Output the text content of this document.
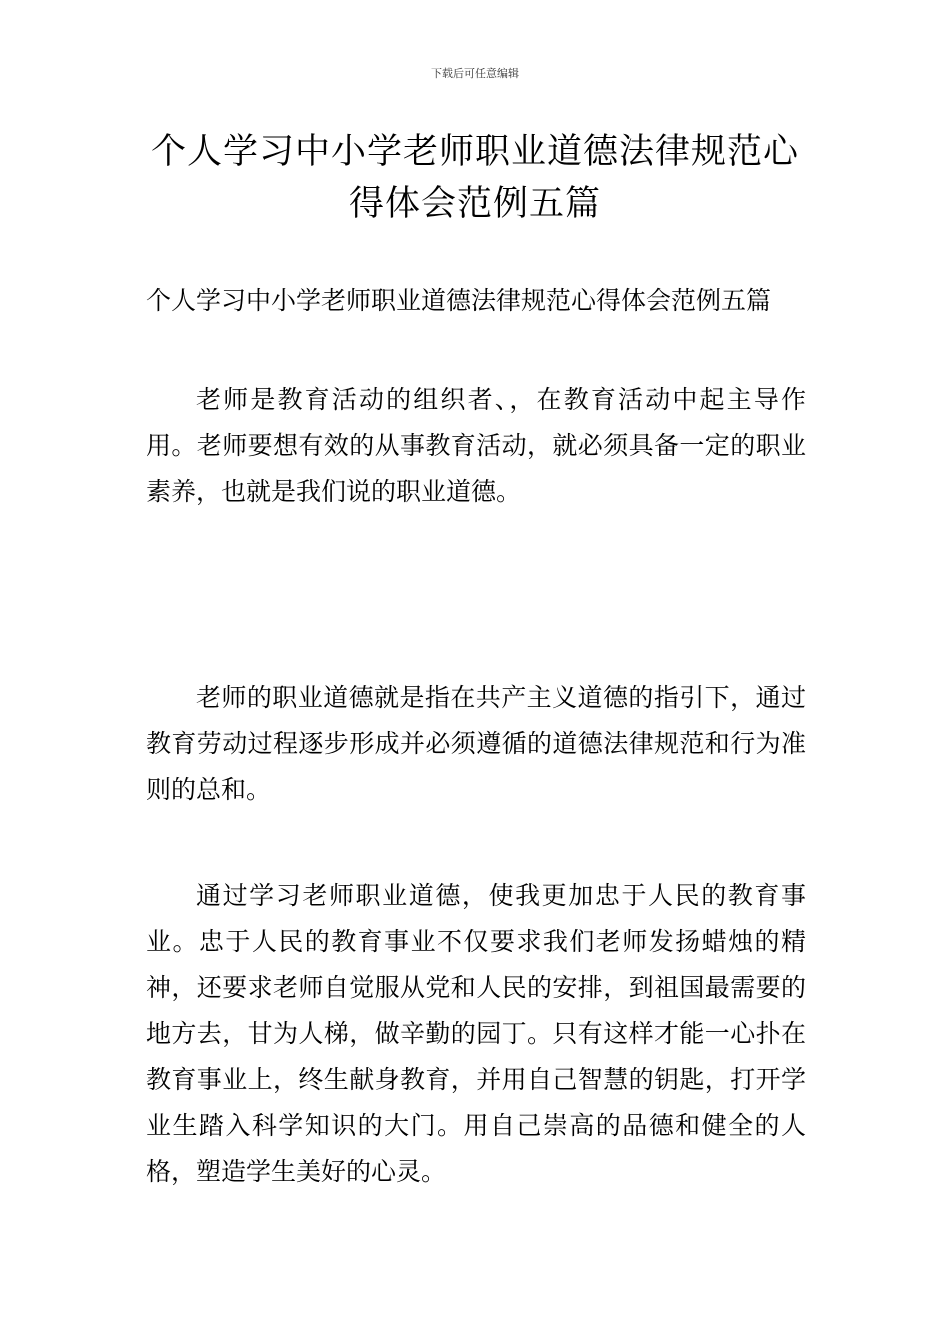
下载后可任意编辑
个人学习中小学老师职业道德法律规范心
得体会范例五篇
个人学习中小学老师职业道德法律规范心得体会范例五篇

老师是教育活动的组织者、，在教育活动中起主导作用。老师要想有效的从事教育活动，就必须具备一定的职业素养，也就是我们说的职业道德。

老师的职业道德就是指在共产主义道德的指引下，通过教育劳动过程逐步形成并必须遵循的道德法律规范和行为准则的总和。

通过学习老师职业道德，使我更加忠于人民的教育事业。忠于人民的教育事业不仅要求我们老师发扬蜡烛的精神，还要求老师自觉服从党和人民的安排，到祖国最需要的地方去，甘为人梯，做辛勤的园丁。只有这样才能一心扑在教育事业上，终生献身教育，并用自己智慧的钥匙，打开学业生踏入科学知识的大门。用自己崇高的品德和健全的人格，塑造学生美好的心灵。
